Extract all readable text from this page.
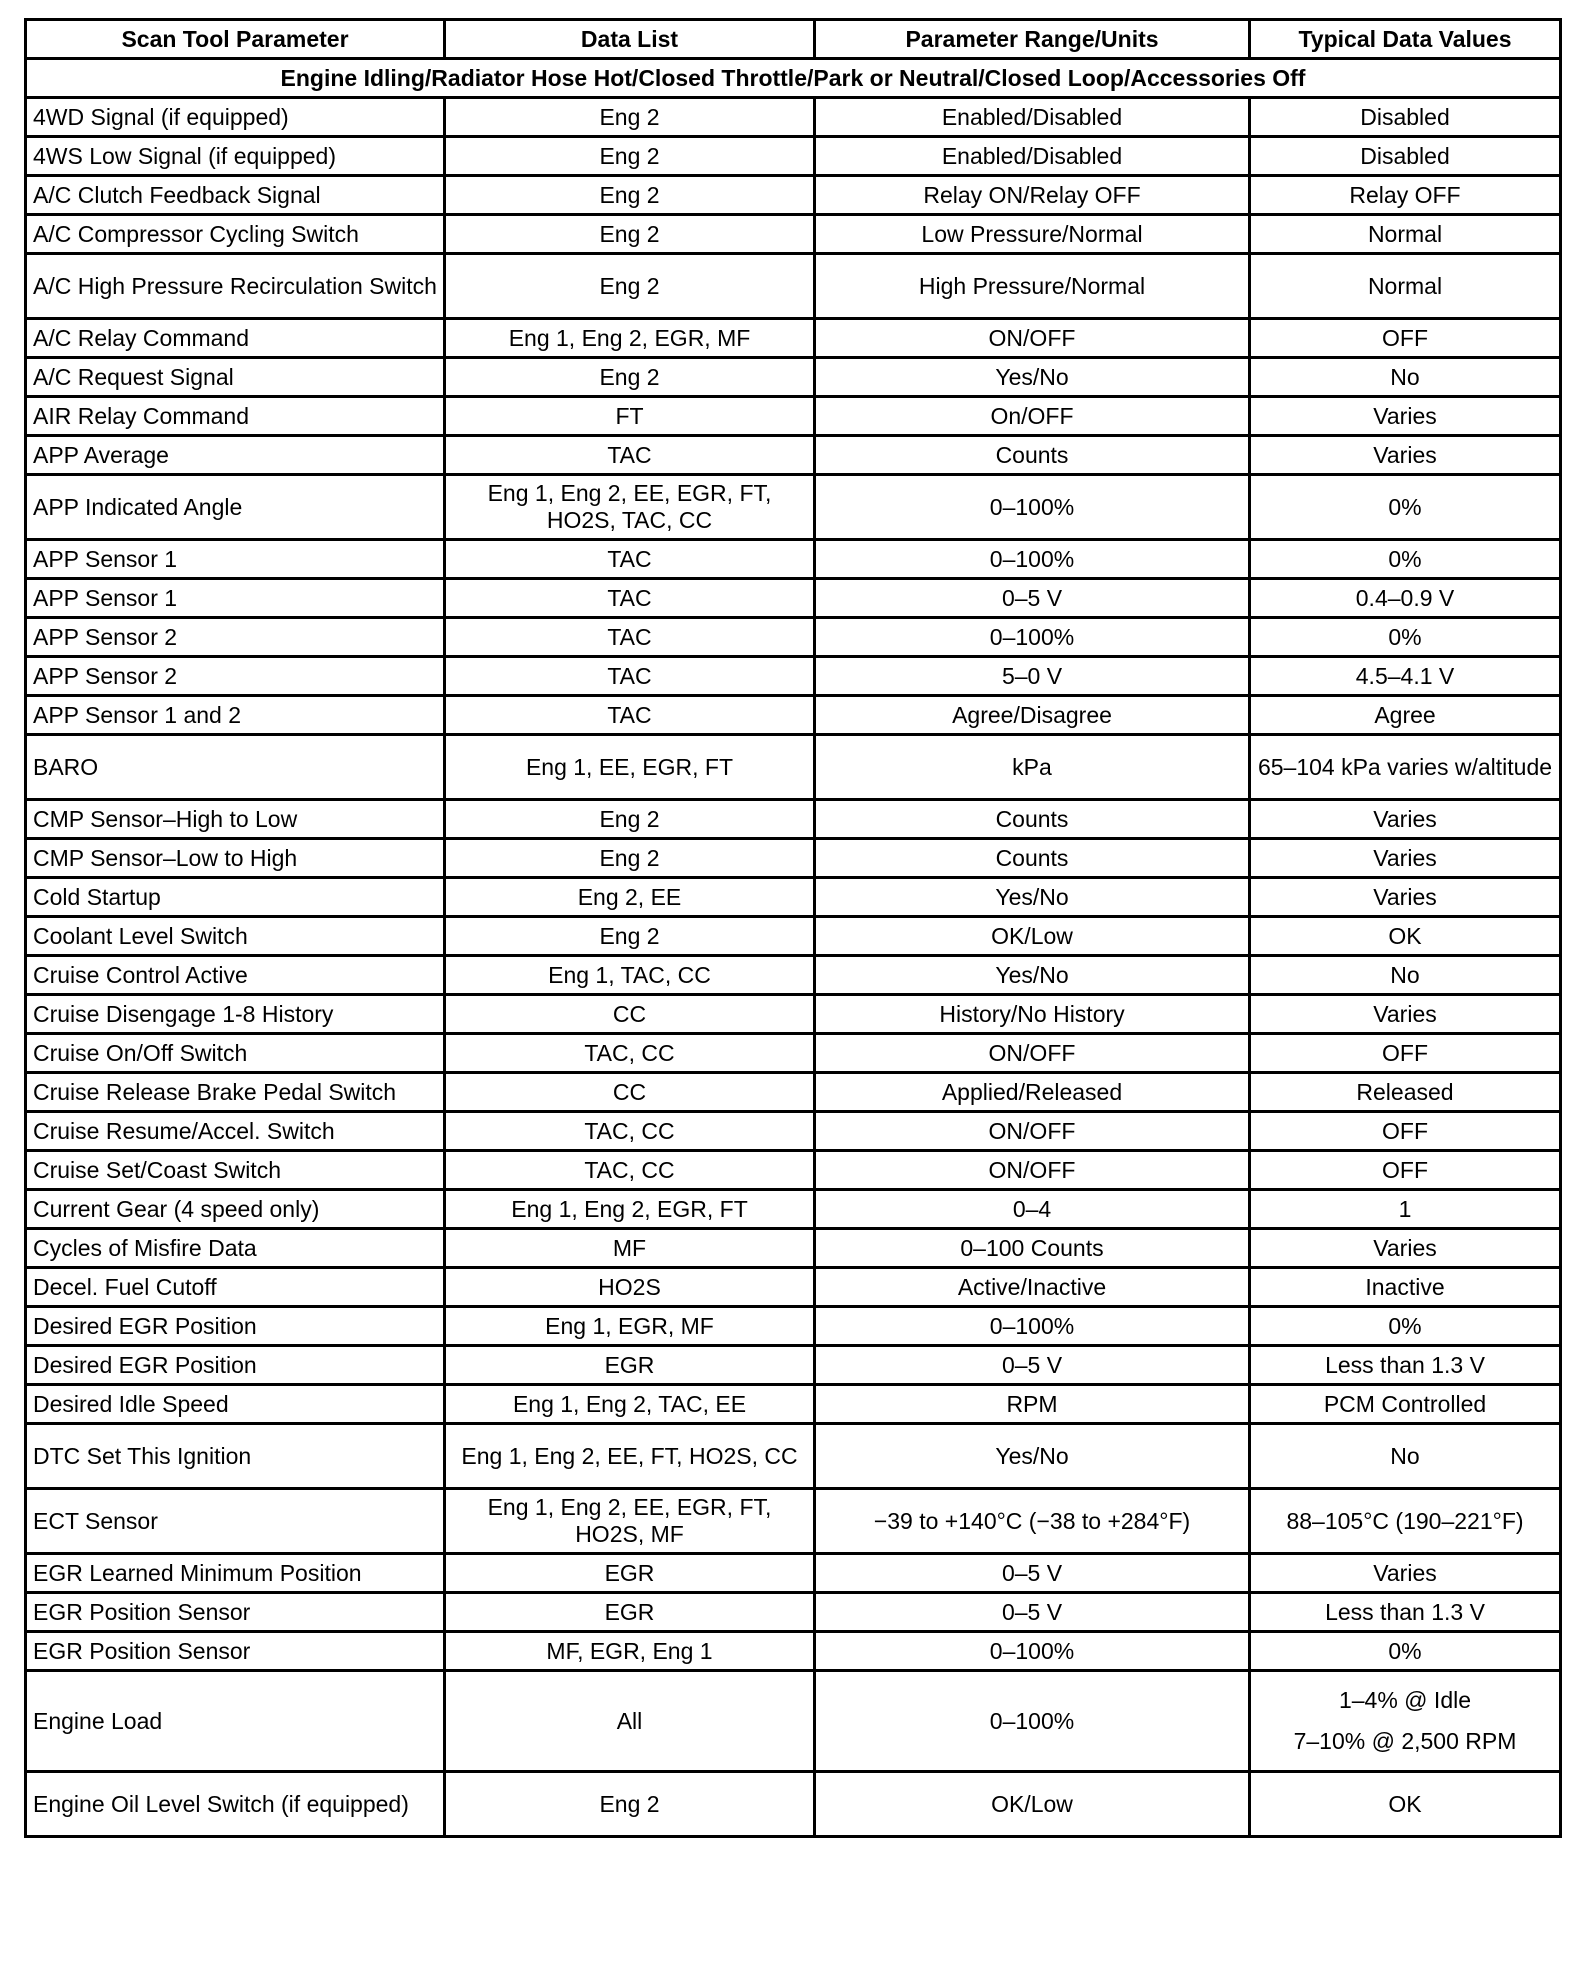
Scan Tool Parameter	Data List	Parameter Range/Units	Typical Data Values
Engine Idling/Radiator Hose Hot/Closed Throttle/Park or Neutral/Closed Loop/Accessories Off			
4WD Signal (if equipped)	Eng 2	Enabled/Disabled	Disabled
4WS Low Signal (if equipped)	Eng 2	Enabled/Disabled	Disabled
A/C Clutch Feedback Signal	Eng 2	Relay ON/Relay OFF	Relay OFF
A/C Compressor Cycling Switch	Eng 2	Low Pressure/Normal	Normal
A/C High Pressure Recirculation Switch	Eng 2	High Pressure/Normal	Normal
A/C Relay Command	Eng 1, Eng 2, EGR, MF	ON/OFF	OFF
A/C Request Signal	Eng 2	Yes/No	No
AIR Relay Command	FT	On/OFF	Varies
APP Average	TAC	Counts	Varies
APP Indicated Angle	Eng 1, Eng 2, EE, EGR, FT, HO2S, TAC, CC	0–100%	0%
APP Sensor 1	TAC	0–100%	0%
APP Sensor 1	TAC	0–5 V	0.4–0.9 V
APP Sensor 2	TAC	0–100%	0%
APP Sensor 2	TAC	5–0 V	4.5–4.1 V
APP Sensor 1 and 2	TAC	Agree/Disagree	Agree
BARO	Eng 1, EE, EGR, FT	kPa	65–104 kPa varies w/altitude
CMP Sensor–High to Low	Eng 2	Counts	Varies
CMP Sensor–Low to High	Eng 2	Counts	Varies
Cold Startup	Eng 2, EE	Yes/No	Varies
Coolant Level Switch	Eng 2	OK/Low	OK
Cruise Control Active	Eng 1, TAC, CC	Yes/No	No
Cruise Disengage 1-8 History	CC	History/No History	Varies
Cruise On/Off Switch	TAC, CC	ON/OFF	OFF
Cruise Release Brake Pedal Switch	CC	Applied/Released	Released
Cruise Resume/Accel. Switch	TAC, CC	ON/OFF	OFF
Cruise Set/Coast Switch	TAC, CC	ON/OFF	OFF
Current Gear (4 speed only)	Eng 1, Eng 2, EGR, FT	0–4	1
Cycles of Misfire Data	MF	0–100 Counts	Varies
Decel. Fuel Cutoff	HO2S	Active/Inactive	Inactive
Desired EGR Position	Eng 1, EGR, MF	0–100%	0%
Desired EGR Position	EGR	0–5 V	Less than 1.3 V
Desired Idle Speed	Eng 1, Eng 2, TAC, EE	RPM	PCM Controlled
DTC Set This Ignition	Eng 1, Eng 2, EE, FT, HO2S, CC	Yes/No	No
ECT Sensor	Eng 1, Eng 2, EE, EGR, FT, HO2S, MF	−39 to +140°C (−38 to +284°F)	88–105°C (190–221°F)
EGR Learned Minimum Position	EGR	0–5 V	Varies
EGR Position Sensor	EGR	0–5 V	Less than 1.3 V
EGR Position Sensor	MF, EGR, Eng 1	0–100%	0%
Engine Load	All	0–100%	1–4% @ Idle
7–10% @ 2,500 RPM

Engine Oil Level Switch (if equipped)	Eng 2	OK/Low	OK
